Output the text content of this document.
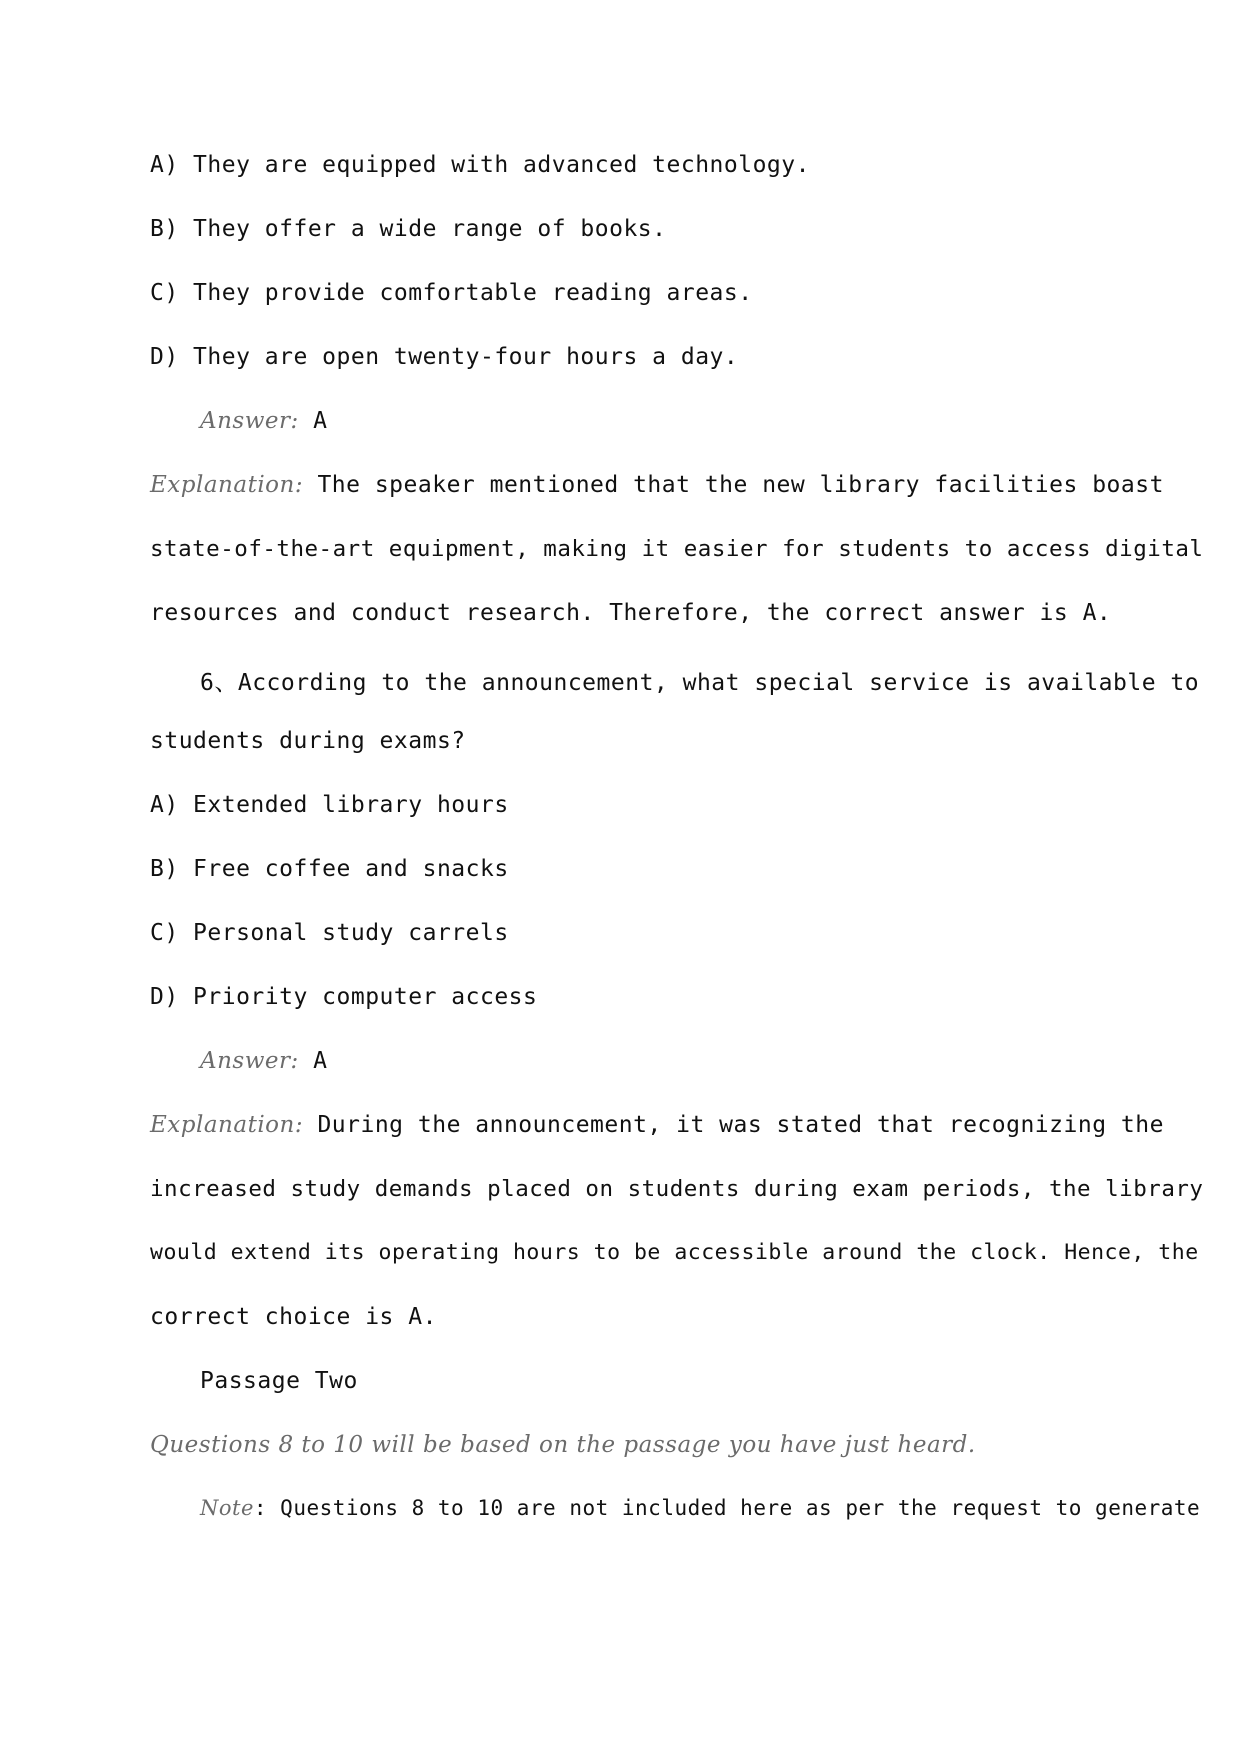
A) They are equipped with advanced technology.
B) They offer a wide range of books.
C) They provide comfortable reading areas.
D) They are open twenty-four hours a day.
Answer: A
Explanation: The speaker mentioned that the new library facilities boast
state-of-the-art equipment, making it easier for students to access digital
resources and conduct research. Therefore, the correct answer is A.
6、According to the announcement, what special service is available to
students during exams?
A) Extended library hours
B) Free coffee and snacks
C) Personal study carrels
D) Priority computer access
Answer: A
Explanation: During the announcement, it was stated that recognizing the
increased study demands placed on students during exam periods, the library
would extend its operating hours to be accessible around the clock. Hence, the
correct choice is A.
Passage Two
Questions 8 to 10 will be based on the passage you have just heard.
Note: Questions 8 to 10 are not included here as per the request to generate
